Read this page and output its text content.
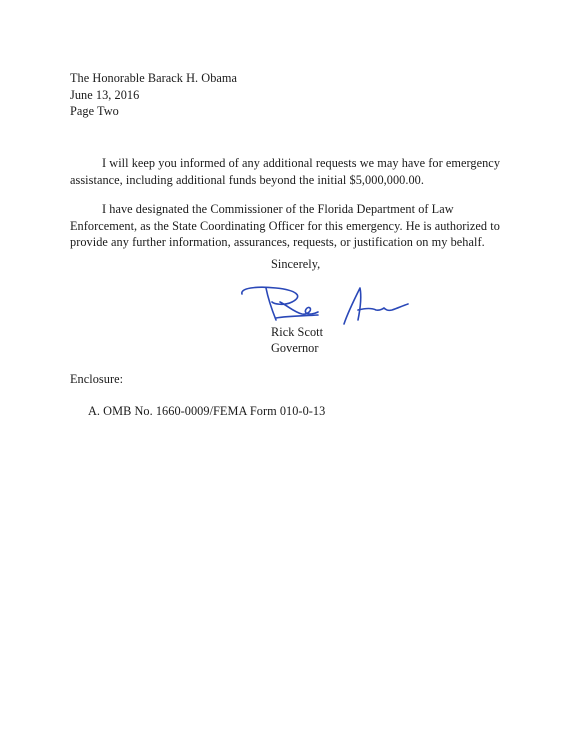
The Honorable Barack H. Obama
June 13, 2016
Page Two

I will keep you informed of any additional requests we may have for emergency assistance, including additional funds beyond the initial $5,000,000.00.

I have designated the Commissioner of the Florida Department of Law Enforcement, as the State Coordinating Officer for this emergency. He is authorized to provide any further information, assurances, requests, or justification on my behalf.

Sincerely,
Rick Scott
Governor
Enclosure:
A. OMB No. 1660-0009/FEMA Form 010-0-13
